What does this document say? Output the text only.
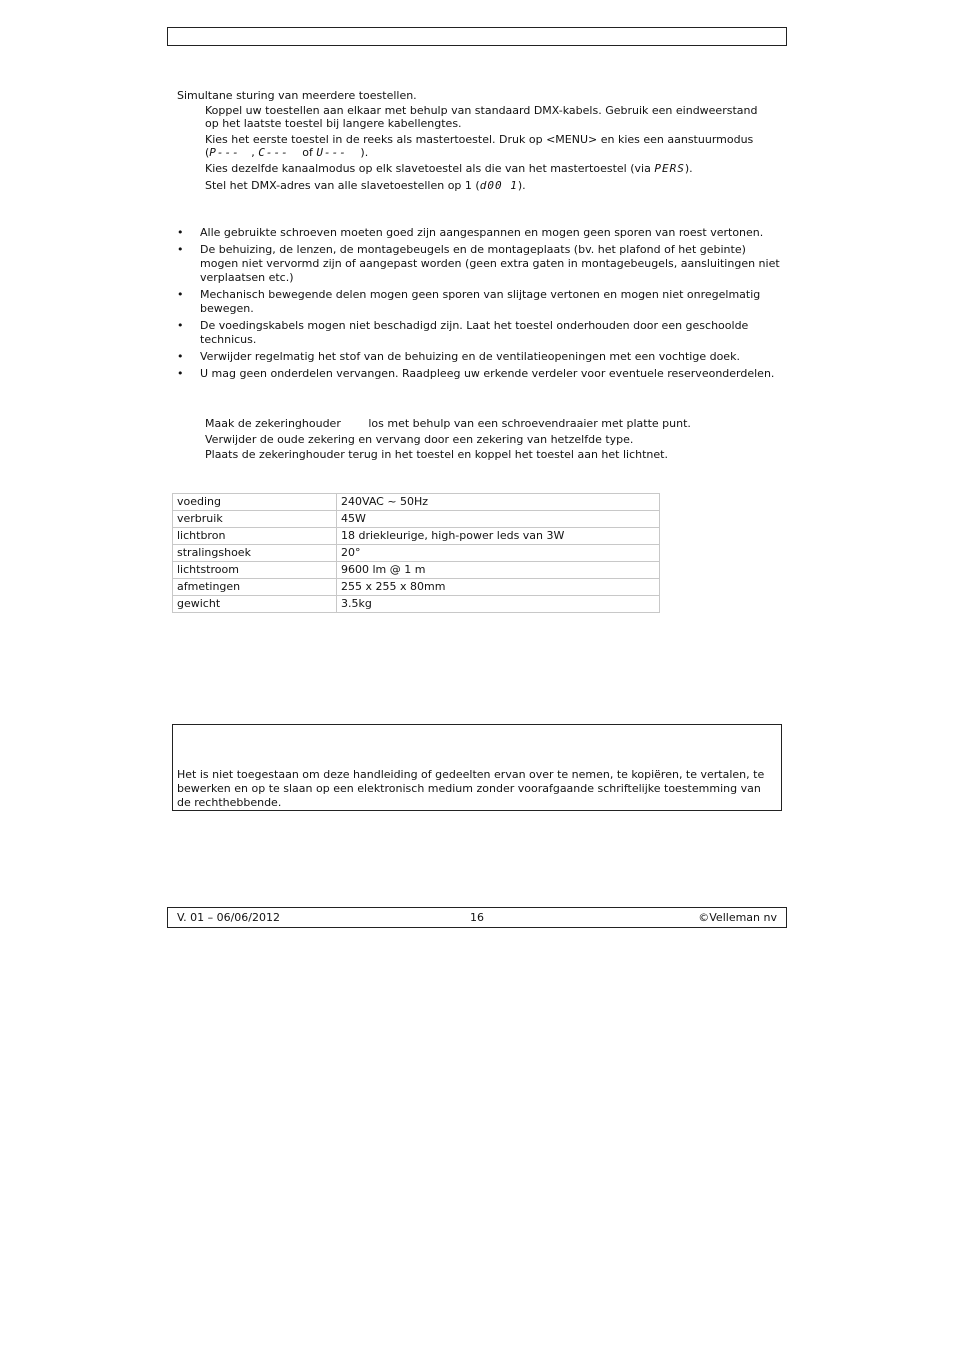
Simultane sturing van meerdere toestellen.
Koppel uw toestellen aan elkaar met behulp van standaard DMX-kabels. Gebruik een eindweerstand
op het laatste toestel bij langere kabellengtes.
Kies het eerste toestel in de reeks als mastertoestel. Druk op <MENU> en kies een aanstuurmodus
(P--- , C--- of U--- ).
Kies dezelfde kanaalmodus op elk slavetoestel als die van het mastertoestel (via PERS).
Stel het DMX-adres van alle slavetoestellen op 1 (d00 1).
• Alle gebruikte schroeven moeten goed zijn aangespannen en mogen geen sporen van roest vertonen.
• De behuizing, de lenzen, de montagebeugels en de montageplaats (bv. het plafond of het gebinte) mogen niet vervormd zijn of aangepast worden (geen extra gaten in montagebeugels, aansluitingen niet verplaatsen etc.)
• Mechanisch bewegende delen mogen geen sporen van slijtage vertonen en mogen niet onregelmatig bewegen.
• De voedingskabels mogen niet beschadigd zijn. Laat het toestel onderhouden door een geschoolde technicus.
• Verwijder regelmatig het stof van de behuizing en de ventilatieopeningen met een vochtige doek.
• U mag geen onderdelen vervangen. Raadpleeg uw erkende verdeler voor eventuele reserveonderdelen.
Maak de zekeringhouder	los met behulp van een schroevendraaier met platte punt.
Verwijder de oude zekering en vervang door een zekering van hetzelfde type.
Plaats de zekeringhouder terug in het toestel en koppel het toestel aan het lichtnet.
voeding	240VAC ~ 50Hz
verbruik	45W
lichtbron	18 driekleurige, high-power leds van 3W
stralingshoek	20°
lichtstroom	9600 lm @ 1 m
afmetingen	255 x 255 x 80mm
gewicht	3.5kg
Het is niet toegestaan om deze handleiding of gedeelten ervan over te nemen, te kopiëren, te vertalen, te bewerken en op te slaan op een elektronisch medium zonder voorafgaande schriftelijke toestemming van de rechthebbende.
V. 01 – 06/06/2012	16	©Velleman nv
